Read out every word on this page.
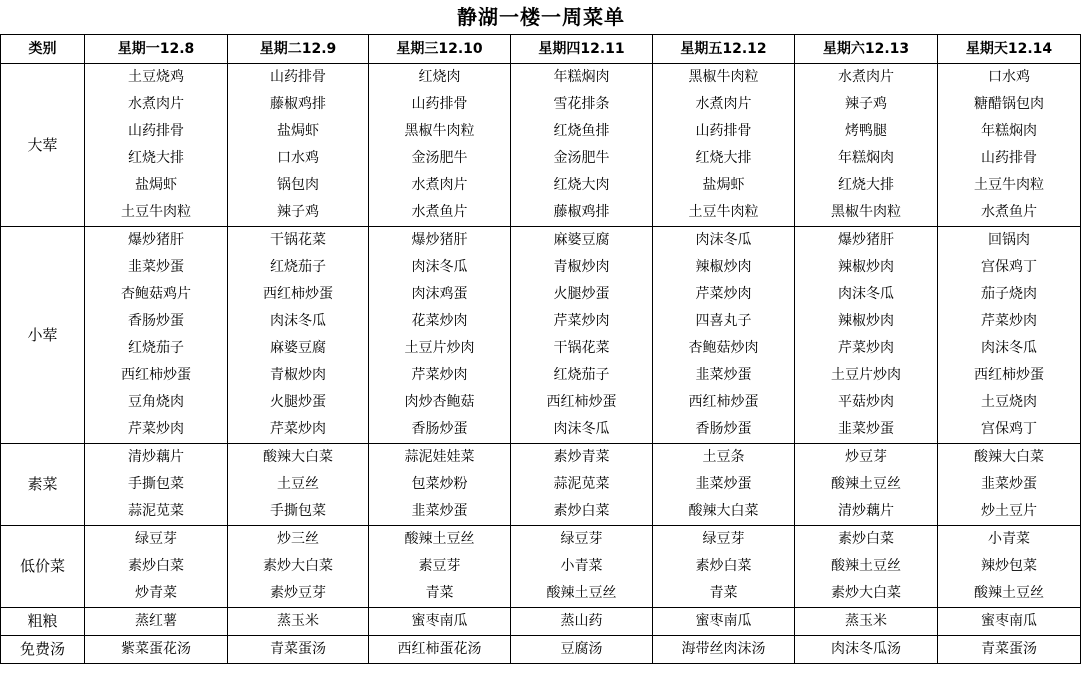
静湖一楼一周菜单
类别	星期一12.8	星期二12.9	星期三12.10	星期四12.11	星期五12.12	星期六12.13	星期天12.14
大荤	土豆烧鸡	山药排骨	红烧肉	年糕焖肉	黑椒牛肉粒	水煮肉片	口水鸡
	水煮肉片	藤椒鸡排	山药排骨	雪花排条	水煮肉片	辣子鸡	糖醋锅包肉
	山药排骨	盐焗虾	黑椒牛肉粒	红烧鱼排	山药排骨	烤鸭腿	年糕焖肉
	红烧大排	口水鸡	金汤肥牛	金汤肥牛	红烧大排	年糕焖肉	山药排骨
	盐焗虾	锅包肉	水煮肉片	红烧大肉	盐焗虾	红烧大排	土豆牛肉粒
	土豆牛肉粒	辣子鸡	水煮鱼片	藤椒鸡排	土豆牛肉粒	黑椒牛肉粒	水煮鱼片
小荤	爆炒猪肝	干锅花菜	爆炒猪肝	麻婆豆腐	肉沫冬瓜	爆炒猪肝	回锅肉
	韭菜炒蛋	红烧茄子	肉沫冬瓜	青椒炒肉	辣椒炒肉	辣椒炒肉	宫保鸡丁
	杏鲍菇鸡片	西红柿炒蛋	肉沫鸡蛋	火腿炒蛋	芹菜炒肉	肉沫冬瓜	茄子烧肉
	香肠炒蛋	肉沫冬瓜	花菜炒肉	芹菜炒肉	四喜丸子	辣椒炒肉	芹菜炒肉
	红烧茄子	麻婆豆腐	土豆片炒肉	干锅花菜	杏鲍菇炒肉	芹菜炒肉	肉沫冬瓜
	西红柿炒蛋	青椒炒肉	芹菜炒肉	红烧茄子	韭菜炒蛋	土豆片炒肉	西红柿炒蛋
	豆角烧肉	火腿炒蛋	肉炒杏鲍菇	西红柿炒蛋	西红柿炒蛋	平菇炒肉	土豆烧肉
	芹菜炒肉	芹菜炒肉	香肠炒蛋	肉沫冬瓜	香肠炒蛋	韭菜炒蛋	宫保鸡丁
素菜	清炒藕片	酸辣大白菜	蒜泥娃娃菜	素炒青菜	土豆条	炒豆芽	酸辣大白菜
	手撕包菜	土豆丝	包菜炒粉	蒜泥苋菜	韭菜炒蛋	酸辣土豆丝	韭菜炒蛋
	蒜泥苋菜	手撕包菜	韭菜炒蛋	素炒白菜	酸辣大白菜	清炒藕片	炒土豆片
低价菜	绿豆芽	炒三丝	酸辣土豆丝	绿豆芽	绿豆芽	素炒白菜	小青菜
	素炒白菜	素炒大白菜	素豆芽	小青菜	素炒白菜	酸辣土豆丝	辣炒包菜
	炒青菜	素炒豆芽	青菜	酸辣土豆丝	青菜	素炒大白菜	酸辣土豆丝
粗粮	蒸红薯	蒸玉米	蜜枣南瓜	蒸山药	蜜枣南瓜	蒸玉米	蜜枣南瓜
免费汤	紫菜蛋花汤	青菜蛋汤	西红柿蛋花汤	豆腐汤	海带丝肉沫汤	肉沫冬瓜汤	青菜蛋汤
